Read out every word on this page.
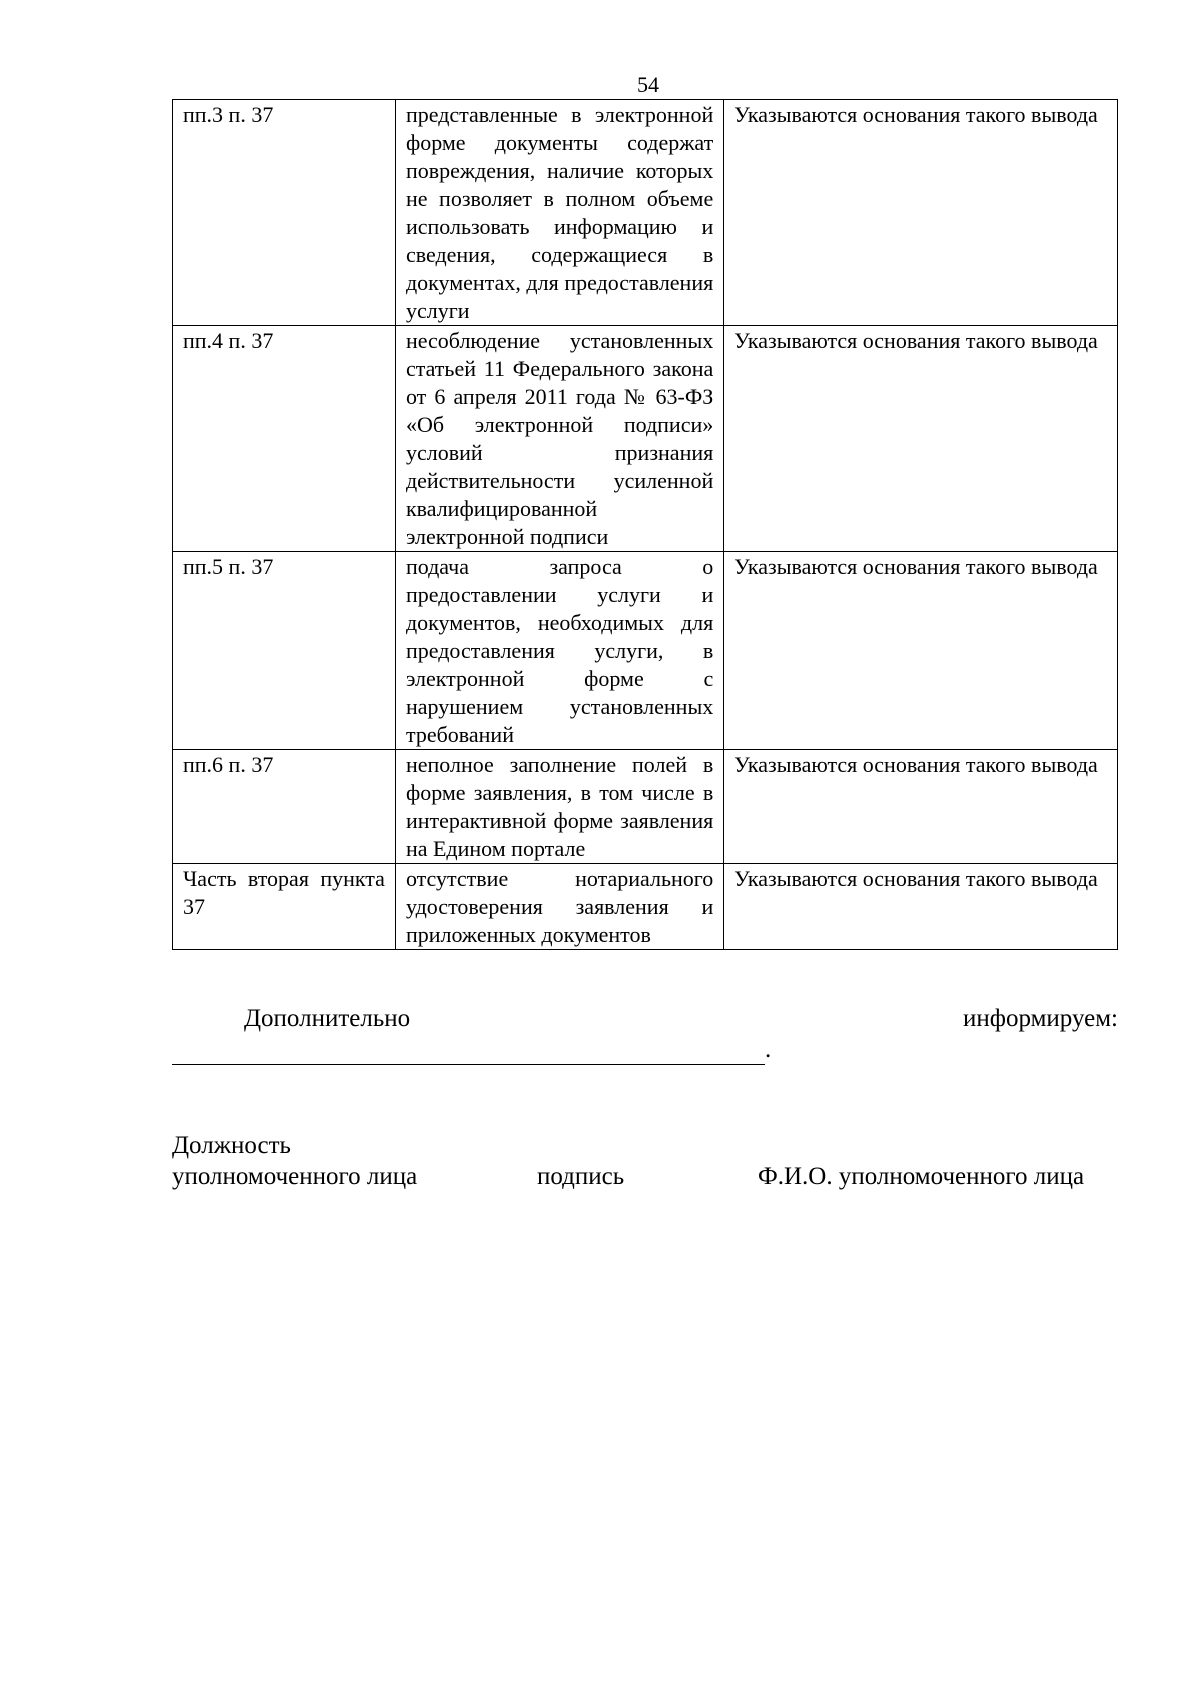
54
пп.3 п. 37	представленные в электронной форме документы содержат повреждения, наличие которых не позволяет в полном объеме использовать информацию и сведения, содержащиеся в документах, для предоставления услуги	Указываются основания такого вывода
пп.4 п. 37	несоблюдение установленных статьей 11 Федерального закона от 6 апреля 2011 года № 63-ФЗ «Об электронной подписи» условий признания действительности усиленной квалифицированной электронной подписи	Указываются основания такого вывода
пп.5 п. 37	подача запроса о предоставлении услуги и документов, необходимых для предоставления услуги, в электронной форме с нарушением установленных требований	Указываются основания такого вывода
пп.6 п. 37	неполное заполнение полей в форме заявления, в том числе в интерактивной форме заявления на Едином портале	Указываются основания такого вывода
Часть вторая пункта 37	отсутствие нотариального удостоверения заявления и приложенных документов	Указываются основания такого вывода
Дополнительно	информируем:
.
Должность
уполномоченного лица	подпись	Ф.И.О. уполномоченного лица
